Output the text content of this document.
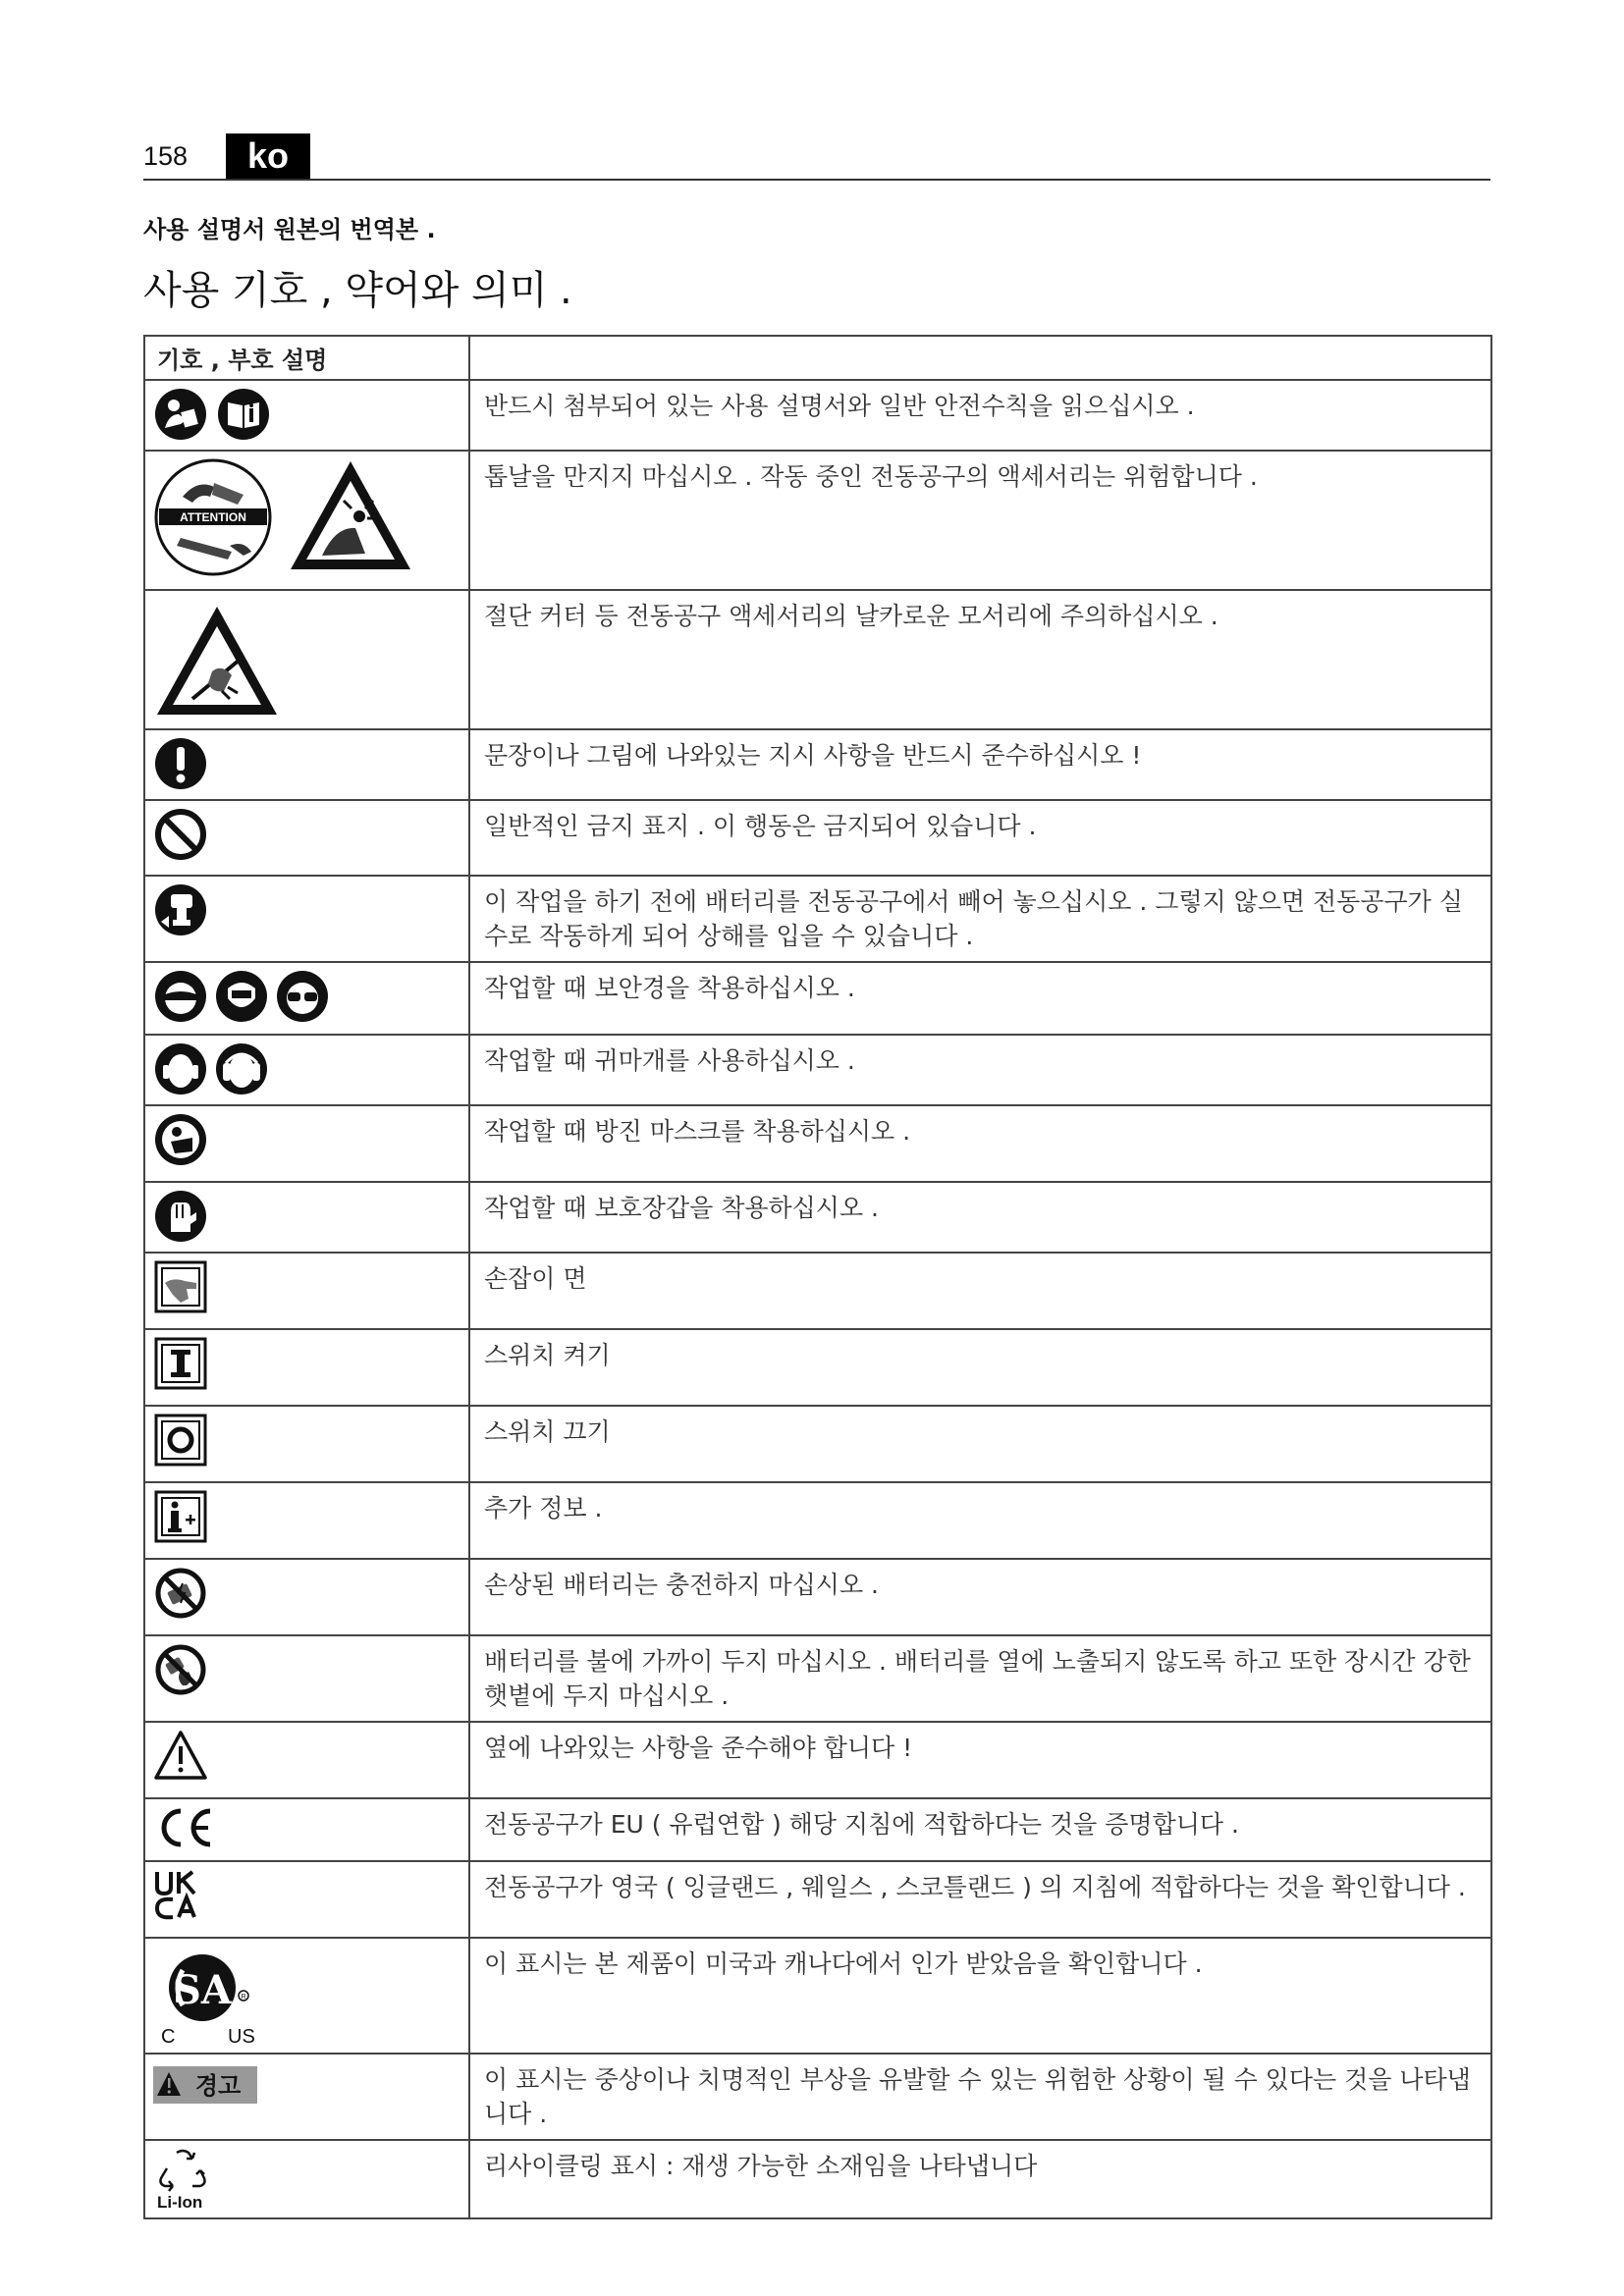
158	ko
사용 설명서 원본의 번역본 .
사용 기호 , 약어와 의미 .
기호 , 부호 설명	

	반드시 첨부되어 있는 사용 설명서와 일반 안전수칙을 읽으십시오 .

ATTENTION	톱날을 만지지 마십시오 . 작동 중인 전동공구의 액세서리는 위험합니다 .

	절단 커터 등 전동공구 액세서리의 날카로운 모서리에 주의하십시오 .

	문장이나 그림에 나와있는 지시 사항을 반드시 준수하십시오 !

	일반적인 금지 표지 . 이 행동은 금지되어 있습니다 .

	이 작업을 하기 전에 배터리를 전동공구에서 빼어 놓으십시오 . 그렇지 않으면 전동공구가 실수로 작동하게 되어 상해를 입을 수 있습니다 .

	작업할 때 보안경을 착용하십시오 .

	작업할 때 귀마개를 사용하십시오 .

	작업할 때 방진 마스크를 착용하십시오 .

	작업할 때 보호장갑을 착용하십시오 .

	손잡이 면

	스위치 켜기

	스위치 끄기

	추가 정보 .

	손상된 배터리는 충전하지 마십시오 .

	배터리를 불에 가까이 두지 마십시오 . 배터리를 열에 노출되지 않도록 하고 또한 장시간 강한 햇볕에 두지 마십시오 .

	옆에 나와있는 사항을 준수해야 합니다 !

	전동공구가 EU ( 유럽연합 ) 해당 지침에 적합하다는 것을 증명합니다 .

	전동공구가 영국 ( 잉글랜드 , 웨일스 , 스코틀랜드 ) 의 지침에 적합하다는 것을 확인합니다 .

SA R
C US	이 표시는 본 제품이 미국과 캐나다에서 인가 받았음을 확인합니다 .

경고	이 표시는 중상이나 치명적인 부상을 유발할 수 있는 위험한 상황이 될 수 있다는 것을 나타냅니다 .

Li-Ion	리사이클링 표시 : 재생 가능한 소재임을 나타냅니다
